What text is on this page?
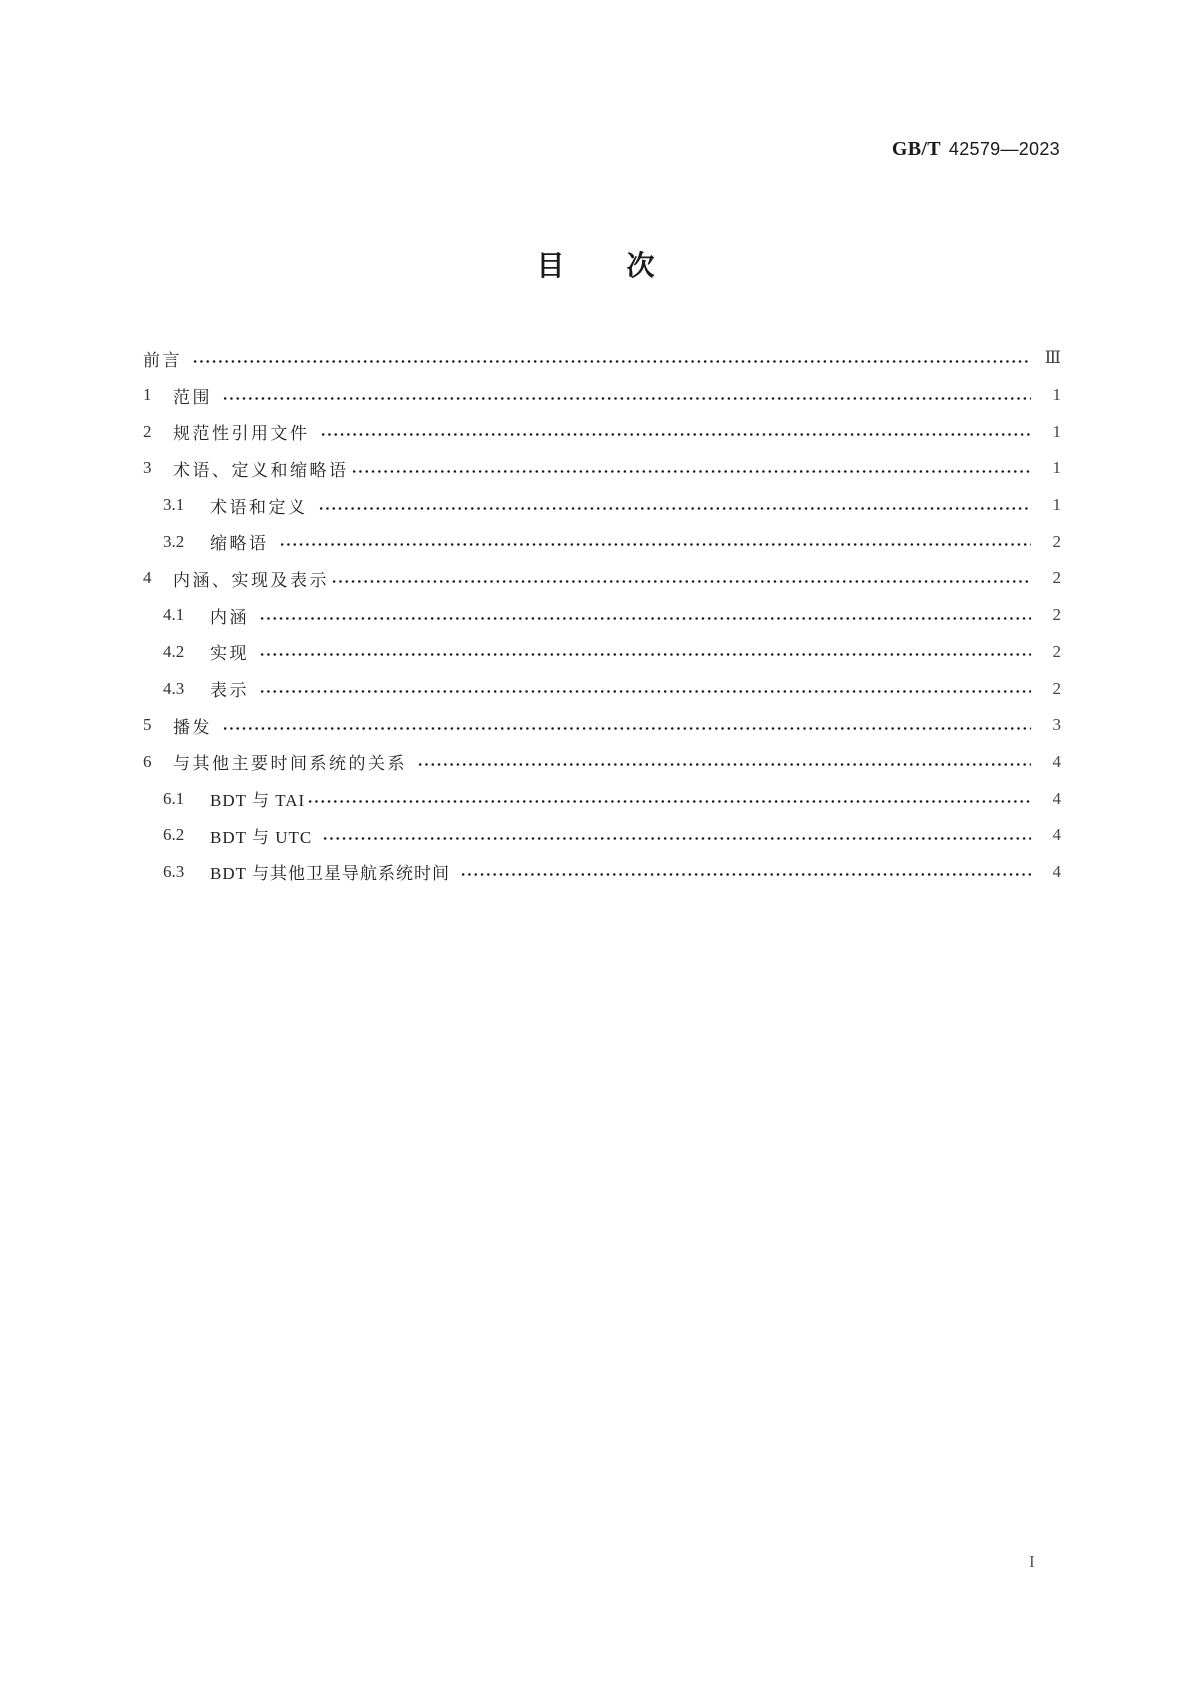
GB/T 42579—2023
目 次
前言	Ⅲ
1	范围	1
2	规范性引用文件	1
3	术语、定义和缩略语	1
3.1	术语和定义	1
3.2	缩略语	2
4	内涵、实现及表示	2
4.1	内涵	2
4.2	实现	2
4.3	表示	2
5	播发	3
6	与其他主要时间系统的关系	4
6.1	BDT 与 TAI	4
6.2	BDT 与 UTC	4
6.3	BDT 与其他卫星导航系统时间	4
I
